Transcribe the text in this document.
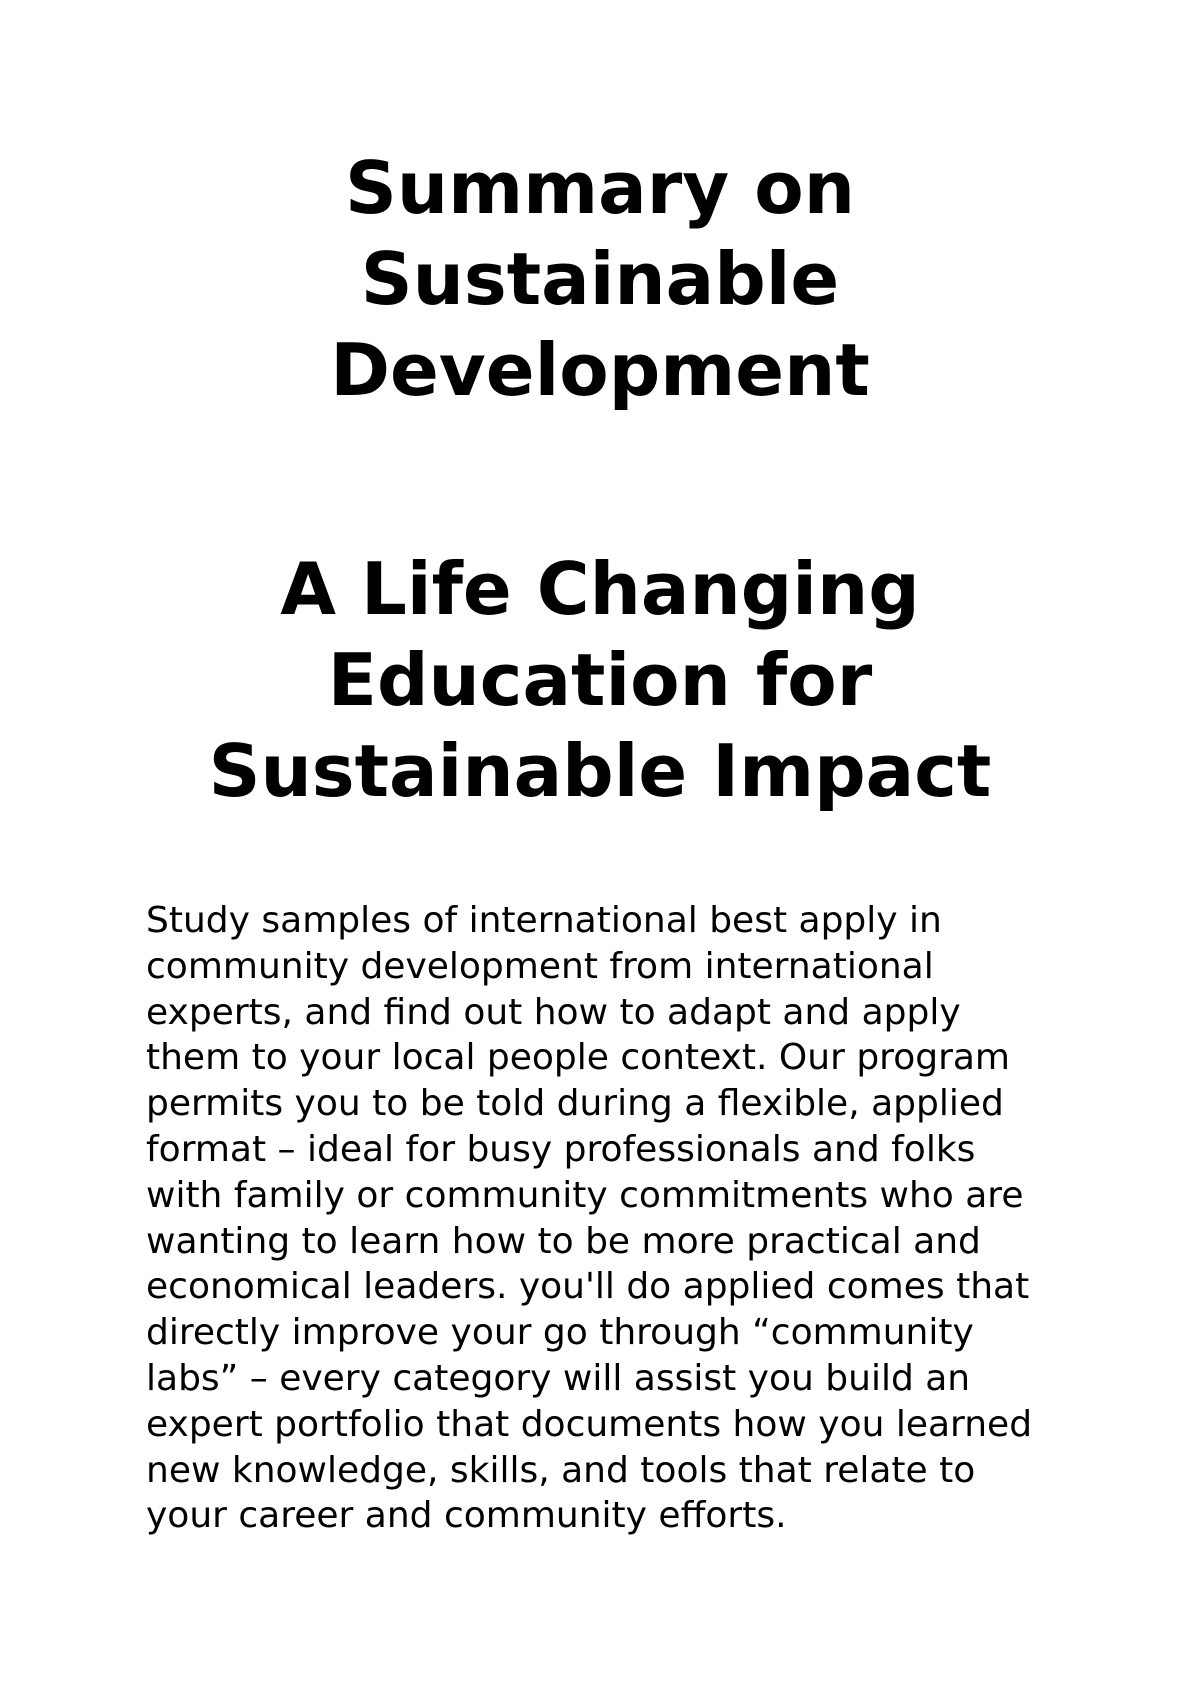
Summary on
Sustainable
Development
A Life Changing
Education for
Sustainable Impact

Study samples of international best apply in
community development from international
experts, and find out how to adapt and apply
them to your local people context. Our program
permits you to be told during a flexible, applied
format – ideal for busy professionals and folks
with family or community commitments who are
wanting to learn how to be more practical and
economical leaders. you'll do applied comes that
directly improve your go through “community
labs” – every category will assist you build an
expert portfolio that documents how you learned
new knowledge, skills, and tools that relate to
your career and community efforts.
